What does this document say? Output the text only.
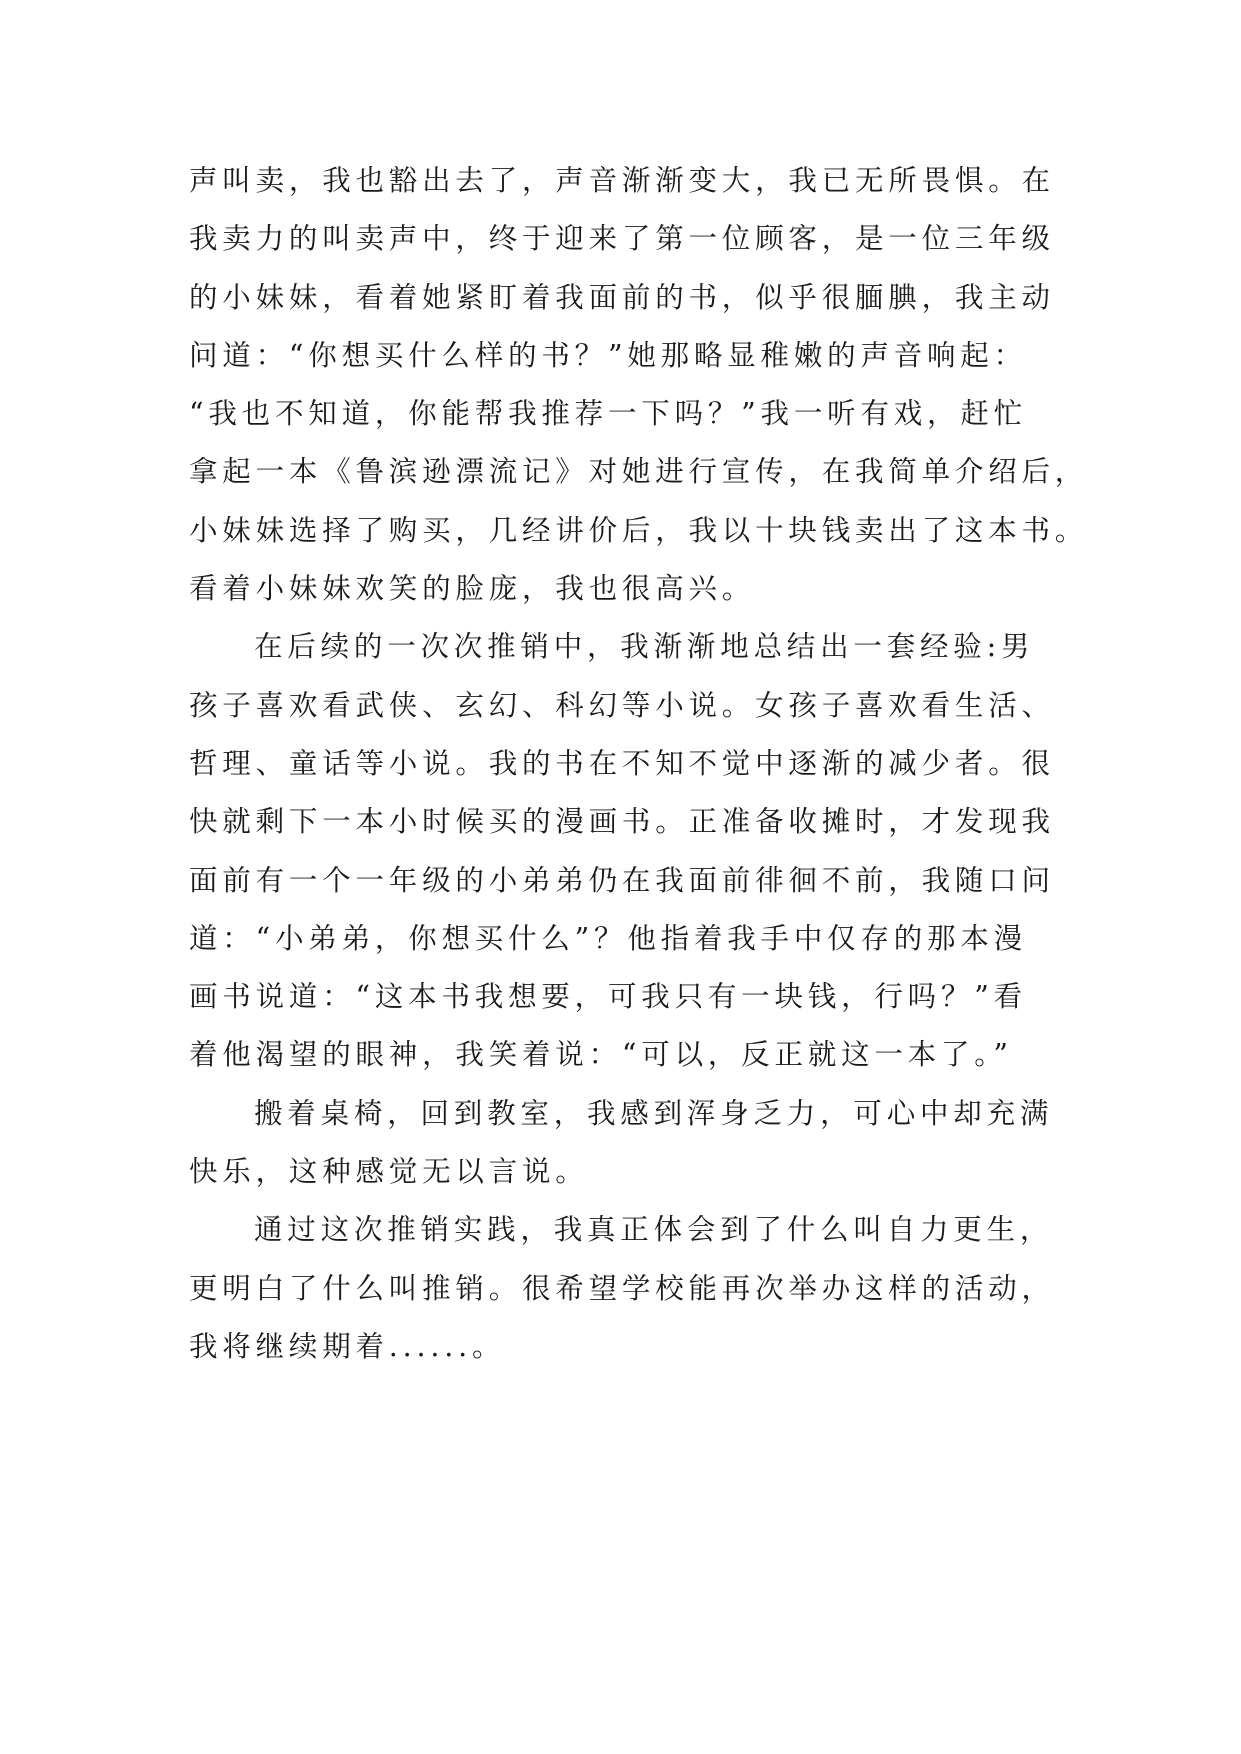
声叫卖，我也豁出去了，声音渐渐变大，我已无所畏惧。在
我卖力的叫卖声中，终于迎来了第一位顾客，是一位三年级
的小妹妹，看着她紧盯着我面前的书，似乎很腼腆，我主动
问道：“你想买什么样的书？”她那略显稚嫩的声音响起：
“我也不知道，你能帮我推荐一下吗？”我一听有戏，赶忙
拿起一本《鲁滨逊漂流记》对她进行宣传，在我简单介绍后，
小妹妹选择了购买，几经讲价后，我以十块钱卖出了这本书。
看着小妹妹欢笑的脸庞，我也很高兴。
在后续的一次次推销中，我渐渐地总结出一套经验:男
孩子喜欢看武侠、玄幻、科幻等小说。女孩子喜欢看生活、
哲理、童话等小说。我的书在不知不觉中逐渐的减少者。很
快就剩下一本小时候买的漫画书。正准备收摊时，才发现我
面前有一个一年级的小弟弟仍在我面前徘徊不前，我随口问
道：“小弟弟，你想买什么”？他指着我手中仅存的那本漫
画书说道：“这本书我想要，可我只有一块钱，行吗？”看
着他渴望的眼神，我笑着说：“可以，反正就这一本了。”
搬着桌椅，回到教室，我感到浑身乏力，可心中却充满
快乐，这种感觉无以言说。
通过这次推销实践，我真正体会到了什么叫自力更生，
更明白了什么叫推销。很希望学校能再次举办这样的活动，
我将继续期着......。
